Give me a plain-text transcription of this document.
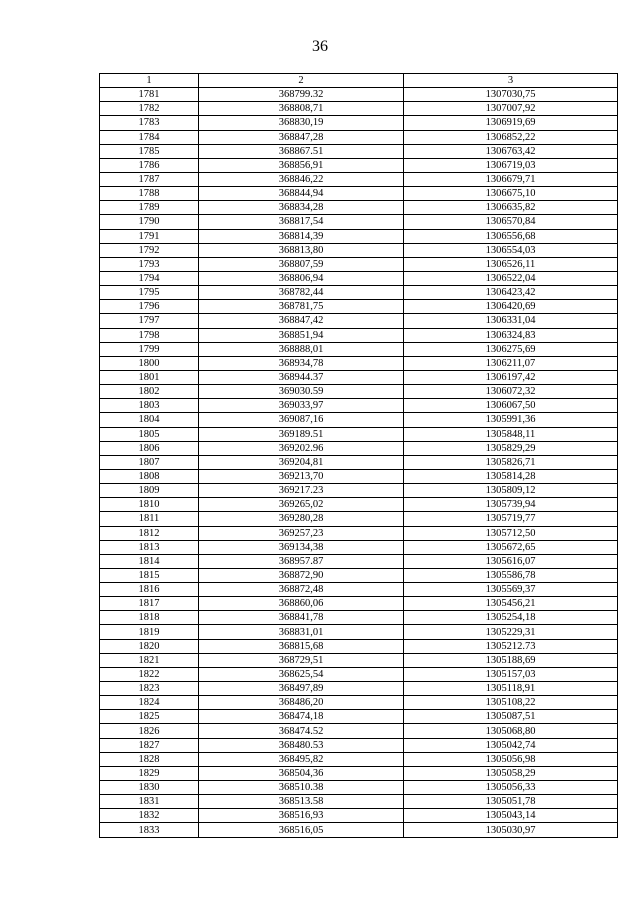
36
1	2	3
1781	368799.32	1307030,75
1782	368808,71	1307007,92
1783	368830,19	1306919,69
1784	368847,28	1306852,22
1785	368867.51	1306763,42
1786	368856,91	1306719,03
1787	368846,22	1306679,71
1788	368844,94	1306675,10
1789	368834,28	1306635,82
1790	368817,54	1306570,84
1791	368814,39	1306556,68
1792	368813,80	1306554,03
1793	368807,59	1306526,11
1794	368806,94	1306522,04
1795	368782,44	1306423,42
1796	368781,75	1306420,69
1797	368847,42	1306331,04
1798	368851,94	1306324,83
1799	368888,01	1306275,69
1800	368934,78	1306211,07
1801	368944.37	1306197,42
1802	369030.59	1306072,32
1803	369033,97	1306067,50
1804	369087,16	1305991,36
1805	369189.51	1305848,11
1806	369202.96	1305829,29
1807	369204,81	1305826,71
1808	369213,70	1305814,28
1809	369217.23	1305809,12
1810	369265,02	1305739,94
1811	369280,28	1305719,77
1812	369257,23	1305712,50
1813	369134,38	1305672,65
1814	368957.87	1305616,07
1815	368872,90	1305586,78
1816	368872,48	1305569,37
1817	368860,06	1305456,21
1818	368841,78	1305254,18
1819	368831,01	1305229,31
1820	368815,68	1305212.73
1821	368729,51	1305188,69
1822	368625,54	1305157,03
1823	368497,89	1305118,91
1824	368486,20	1305108,22
1825	368474,18	1305087,51
1826	368474.52	1305068,80
1827	368480.53	1305042,74
1828	368495,82	1305056,98
1829	368504,36	1305058,29
1830	368510.38	1305056,33
1831	368513.58	1305051,78
1832	368516,93	1305043,14
1833	368516,05	1305030,97
